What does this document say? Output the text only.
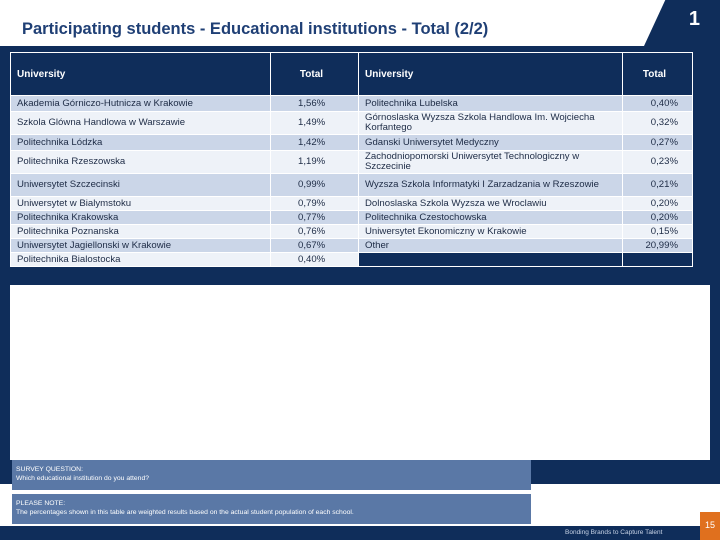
Participating students - Educational institutions - Total (2/2)	1
University	Total	University	Total
Akademia Górniczo-Hutnicza w Krakowie	1,56%	Politechnika Lubelska	0,40%
Szkola Glówna Handlowa w Warszawie	1,49%	Górnoslaska Wyzsza Szkola Handlowa Im. Wojciecha Korfantego	0,32%
Politechnika Lódzka	1,42%	Gdanski Uniwersytet Medyczny	0,27%
Politechnika Rzeszowska	1,19%	Zachodniopomorski Uniwersytet Technologiczny w Szczecinie	0,23%
Uniwersytet Szczecinski	0,99%	Wyzsza Szkola Informatyki I Zarzadzania w Rzeszowie	0,21%
Uniwersytet w Bialymstoku	0,79%	Dolnoslaska Szkola Wyzsza we Wroclawiu	0,20%
Politechnika Krakowska	0,77%	Politechnika Czestochowska	0,20%
Politechnika Poznanska	0,76%	Uniwersytet Ekonomiczny w Krakowie	0,15%
Uniwersytet Jagiellonski w Krakowie	0,67%	Other	20,99%
Politechnika Bialostocka	0,40%		
SURVEY QUESTION:
Which educational institution do you attend?
PLEASE NOTE:
The percentages shown in this table are weighted results based on the actual student population of each school.	UNIVERSUM
Bonding Brands to Capture Talent
15
